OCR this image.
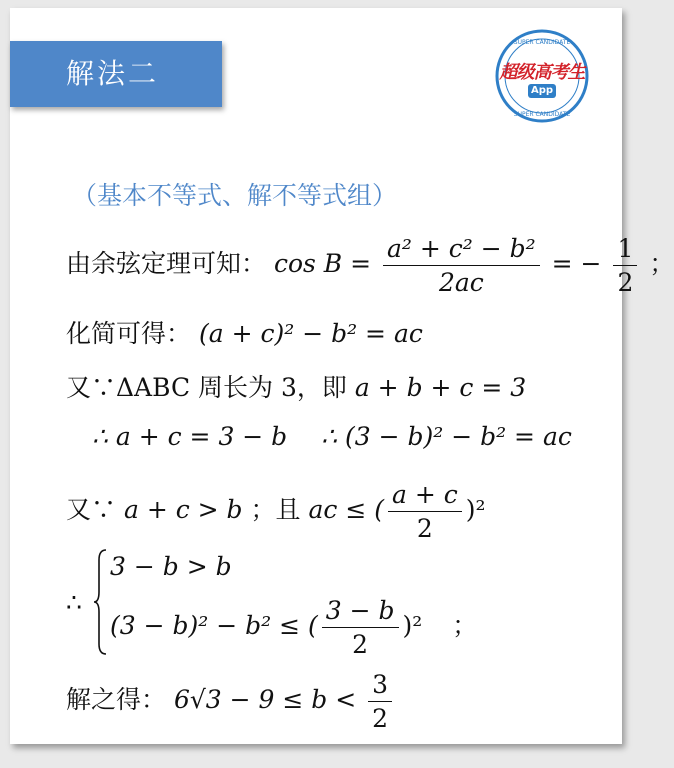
解法二
SUPER CANDIDATE
SUPER CANDIDATE
超级高考生
App
（基本不等式、解不等式组）
由余弦定理可知： $\cos B = \frac{\text{a² + c² − b²}}{2ac}$ = − $\frac{1}{2}$ ；
化简可得： (a + c)² − b² = ac
又∵ΔABC 周长为 3，即 a + b + c = 3
∴ a + c = 3 − b ∴ (3 − b)² − b² = ac
又∵ a + c > b ；且 ac ≤ ( $\frac{a + c}{2} )^2$
∴
3 − b > b
(3 − b)² − b² ≤ ( $\frac{3 - b}{2} )^2$ ；
解之得： $6√3 - 9 \le b < \frac{3}{2}$
